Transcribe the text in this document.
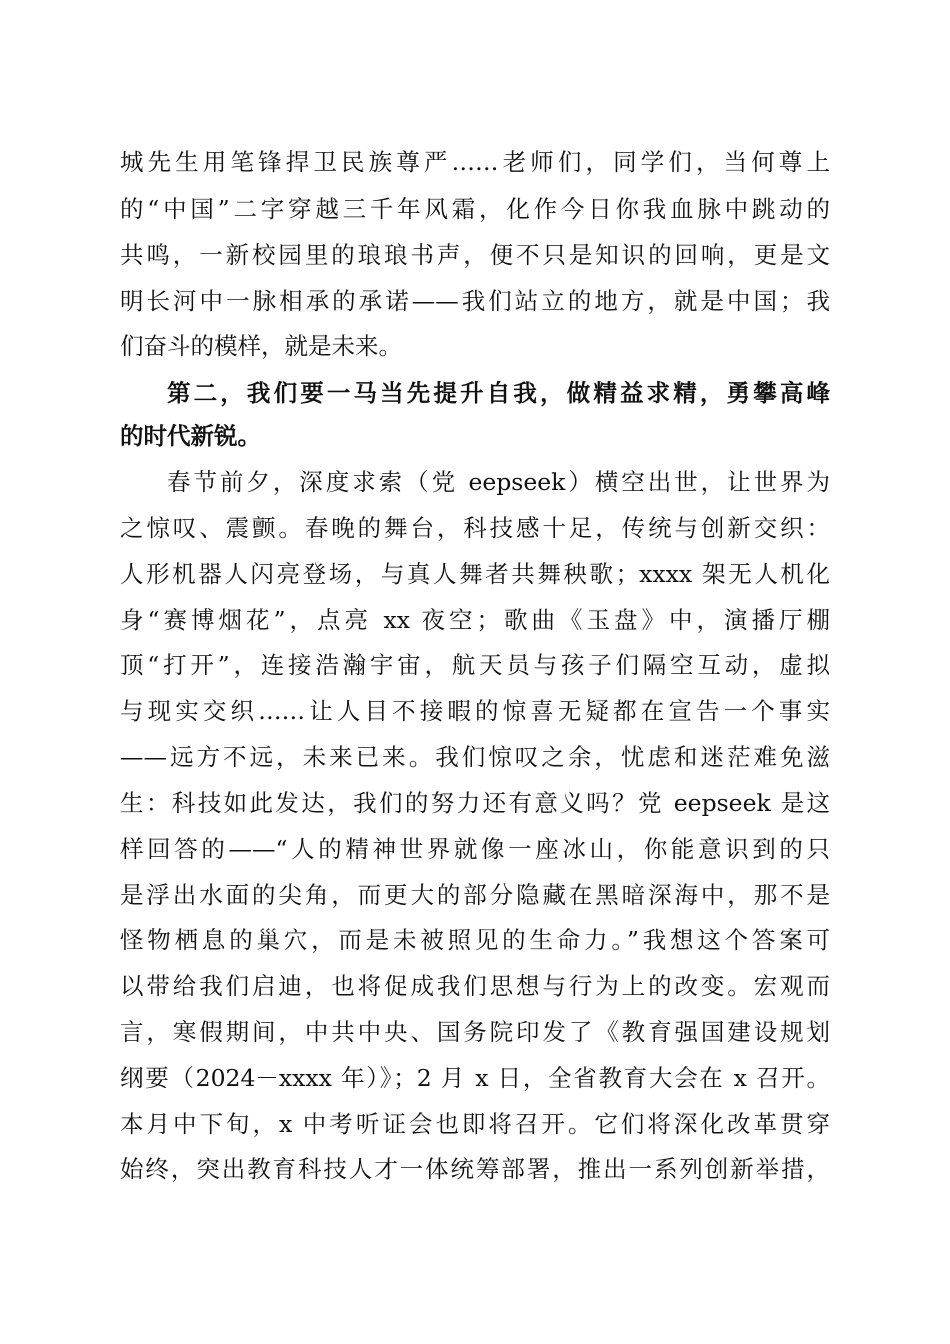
城先生用笔锋捍卫民族尊严……老师们，同学们，当何尊上
的“中国”二字穿越三千年风霜，化作今日你我血脉中跳动的
共鸣，一新校园里的琅琅书声，便不只是知识的回响，更是文
明长河中一脉相承的承诺——我们站立的地方，就是中国；我
们奋斗的模样，就是未来。
第二，我们要一马当先提升自我，做精益求精，勇攀高峰
的时代新锐。
春节前夕，深度求索（党 eepseek）横空出世，让世界为
之惊叹、震颤。春晚的舞台，科技感十足，传统与创新交织：
人形机器人闪亮登场，与真人舞者共舞秧歌；xxxx 架无人机化
身“赛博烟花”，点亮 xx 夜空；歌曲《玉盘》中，演播厅棚
顶“打开”，连接浩瀚宇宙，航天员与孩子们隔空互动，虚拟
与现实交织……让人目不接暇的惊喜无疑都在宣告一个事实
——远方不远，未来已来。我们惊叹之余，忧虑和迷茫难免滋
生：科技如此发达，我们的努力还有意义吗？党 eepseek 是这
样回答的——“人的精神世界就像一座冰山，你能意识到的只
是浮出水面的尖角，而更大的部分隐藏在黑暗深海中，那不是
怪物栖息的巢穴，而是未被照见的生命力。”我想这个答案可
以带给我们启迪，也将促成我们思想与行为上的改变。宏观而
言，寒假期间，中共中央、国务院印发了《教育强国建设规划
纲要（2024－xxxx 年）》；2 月 x 日，全省教育大会在 x 召开。
本月中下旬，x 中考听证会也即将召开。它们将深化改革贯穿
始终，突出教育科技人才一体统筹部署，推出一系列创新举措，
